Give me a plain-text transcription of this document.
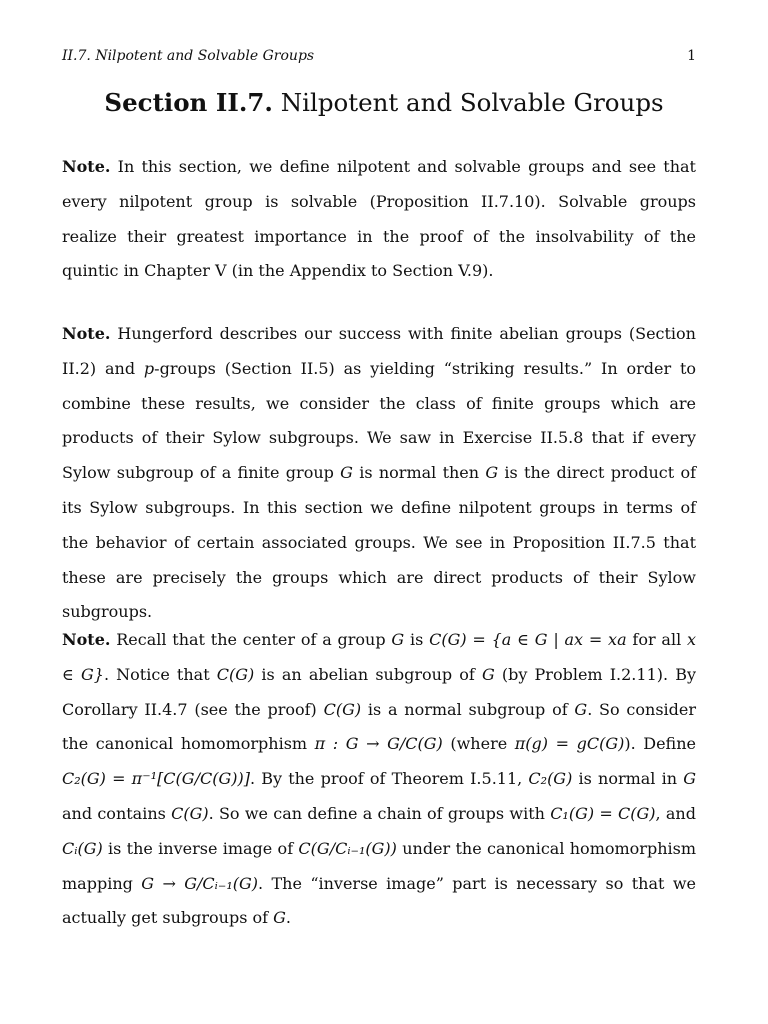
II.7. Nilpotent and Solvable Groups	1
Section II.7. Nilpotent and Solvable Groups

Note. In this section, we define nilpotent and solvable groups and see that every nilpotent group is solvable (Proposition II.7.10). Solvable groups realize their greatest importance in the proof of the insolvability of the quintic in Chapter V (in the Appendix to Section V.9).

Note. Hungerford describes our success with finite abelian groups (Section II.2) and p-groups (Section II.5) as yielding “striking results.” In order to combine these results, we consider the class of finite groups which are products of their Sylow subgroups. We saw in Exercise II.5.8 that if every Sylow subgroup of a finite group G is normal then G is the direct product of its Sylow subgroups. In this section we define nilpotent groups in terms of the behavior of certain associated groups. We see in Proposition II.7.5 that these are precisely the groups which are direct products of their Sylow subgroups.

Note. Recall that the center of a group G is C(G) = {a ∈ G | ax = xa for all x ∈ G}. Notice that C(G) is an abelian subgroup of G (by Problem I.2.11). By Corollary II.4.7 (see the proof) C(G) is a normal subgroup of G. So consider the canonical homomorphism π : G → G/C(G) (where π(g) = gC(G)). Define C₂(G) = π⁻¹[C(G/C(G))]. By the proof of Theorem I.5.11, C₂(G) is normal in G and contains C(G). So we can define a chain of groups with C₁(G) = C(G), and Cᵢ(G) is the inverse image of C(G/Cᵢ₋₁(G)) under the canonical homomorphism mapping G → G/Cᵢ₋₁(G). The “inverse image” part is necessary so that we actually get subgroups of G.
